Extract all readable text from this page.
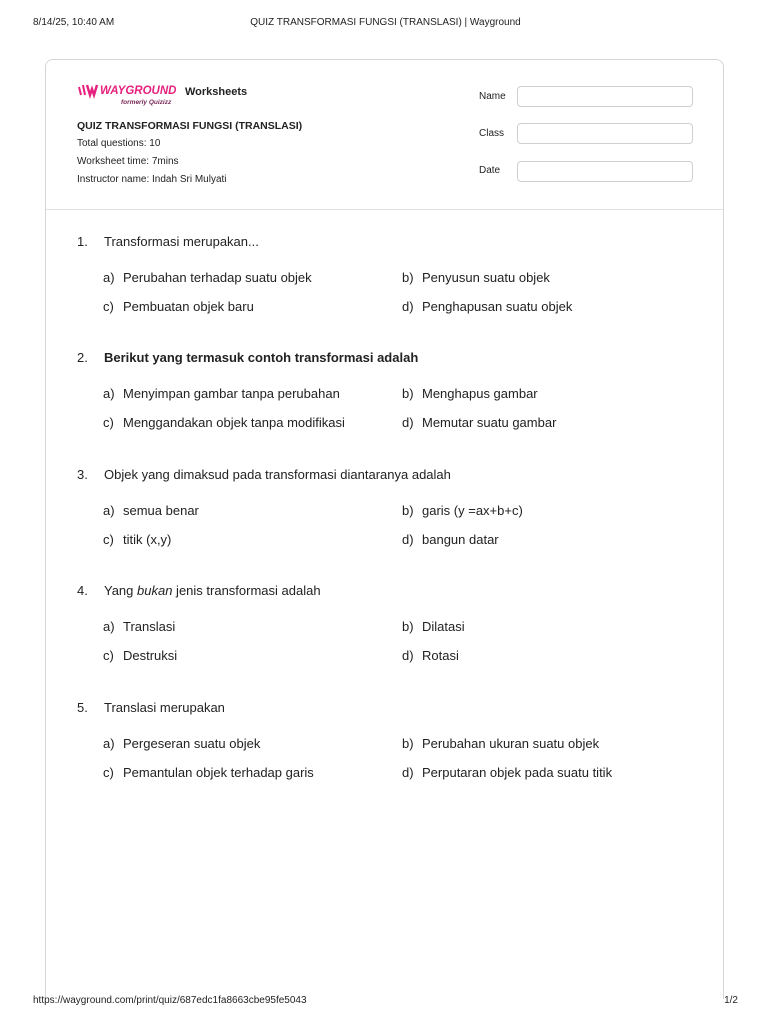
8/14/25, 10:40 AM	QUIZ TRANSFORMASI FUNGSI (TRANSLASI) | Wayground
WAYGROUND
formerly Quizizz
Worksheets
QUIZ TRANSFORMASI FUNGSI (TRANSLASI)
Total questions: 10
Worksheet time: 7mins
Instructor name: Indah Sri Mulyati
Name
Class
Date
1. Transformasi merupakan...
a) Perubahan terhadap suatu objek	b) Penyusun suatu objek
c) Pembuatan objek baru	d) Penghapusan suatu objek
2. Berikut yang termasuk contoh transformasi adalah
a) Menyimpan gambar tanpa perubahan	b) Menghapus gambar
c) Menggandakan objek tanpa modifikasi	d) Memutar suatu gambar
3. Objek yang dimaksud pada transformasi diantaranya adalah
a) semua benar	b) garis (y =ax+b+c)
c) titik (x,y)	d) bangun datar
4. Yang bukan jenis transformasi adalah
a) Translasi	b) Dilatasi
c) Destruksi	d) Rotasi
5. Translasi merupakan
a) Pergeseran suatu objek	b) Perubahan ukuran suatu objek
c) Pemantulan objek terhadap garis	d) Perputaran objek pada suatu titik
https://wayground.com/print/quiz/687edc1fa8663cbe95fe5043	1/2
